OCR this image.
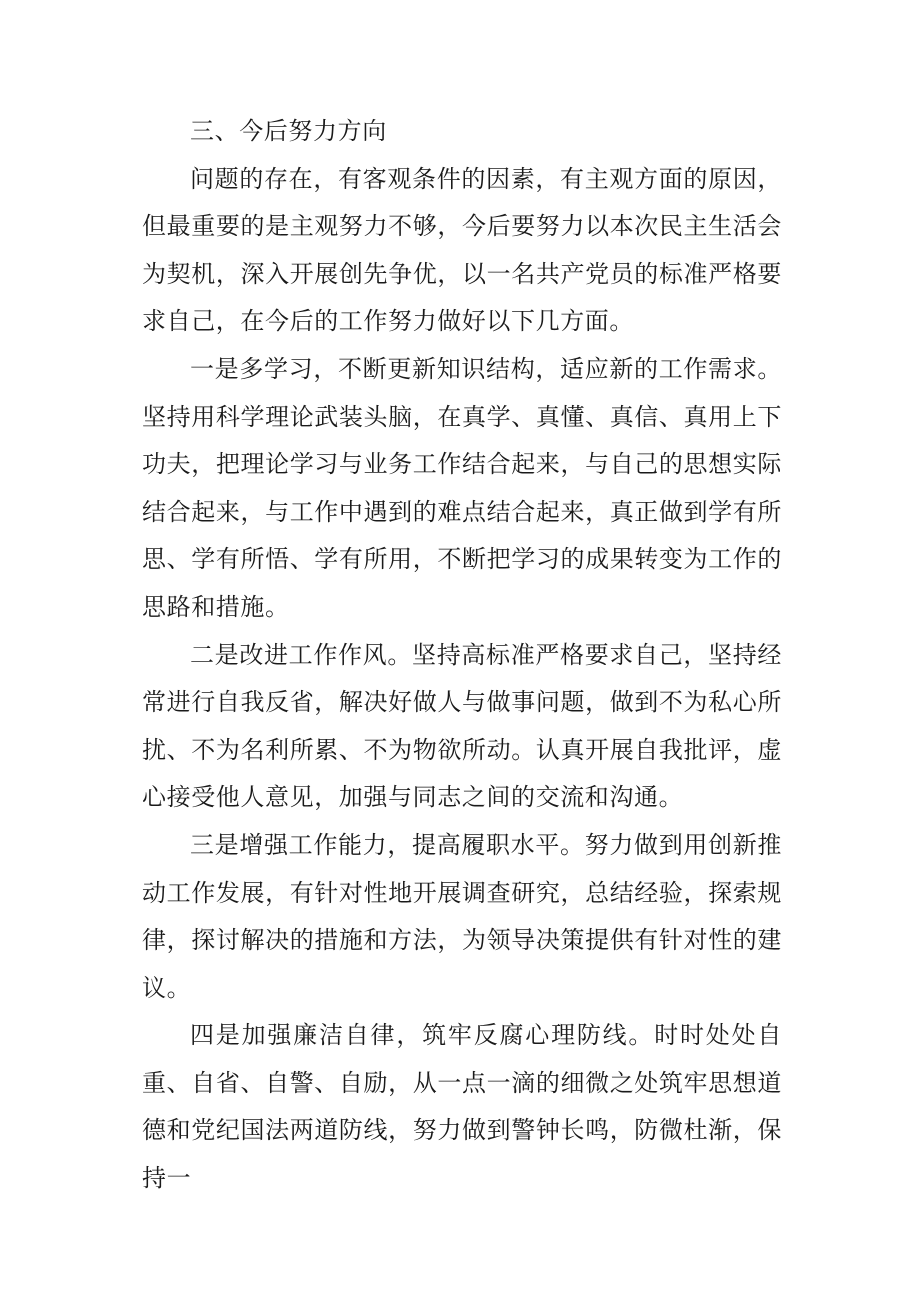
三、今后努力方向

问题的存在，有客观条件的因素，有主观方面的原因，但最重要的是主观努力不够，今后要努力以本次民主生活会为契机，深入开展创先争优，以一名共产党员的标准严格要求自己，在今后的工作努力做好以下几方面。

一是多学习，不断更新知识结构，适应新的工作需求。坚持用科学理论武装头脑，在真学、真懂、真信、真用上下功夫，把理论学习与业务工作结合起来，与自己的思想实际结合起来，与工作中遇到的难点结合起来，真正做到学有所思、学有所悟、学有所用，不断把学习的成果转变为工作的思路和措施。

二是改进工作作风。坚持高标准严格要求自己，坚持经常进行自我反省，解决好做人与做事问题，做到不为私心所扰、不为名利所累、不为物欲所动。认真开展自我批评，虚心接受他人意见，加强与同志之间的交流和沟通。

三是增强工作能力，提高履职水平。努力做到用创新推动工作发展，有针对性地开展调查研究，总结经验，探索规律，探讨解决的措施和方法，为领导决策提供有针对性的建议。

四是加强廉洁自律，筑牢反腐心理防线。时时处处自重、自省、自警、自励，从一点一滴的细微之处筑牢思想道德和党纪国法两道防线，努力做到警钟长鸣，防微杜渐，保持一
